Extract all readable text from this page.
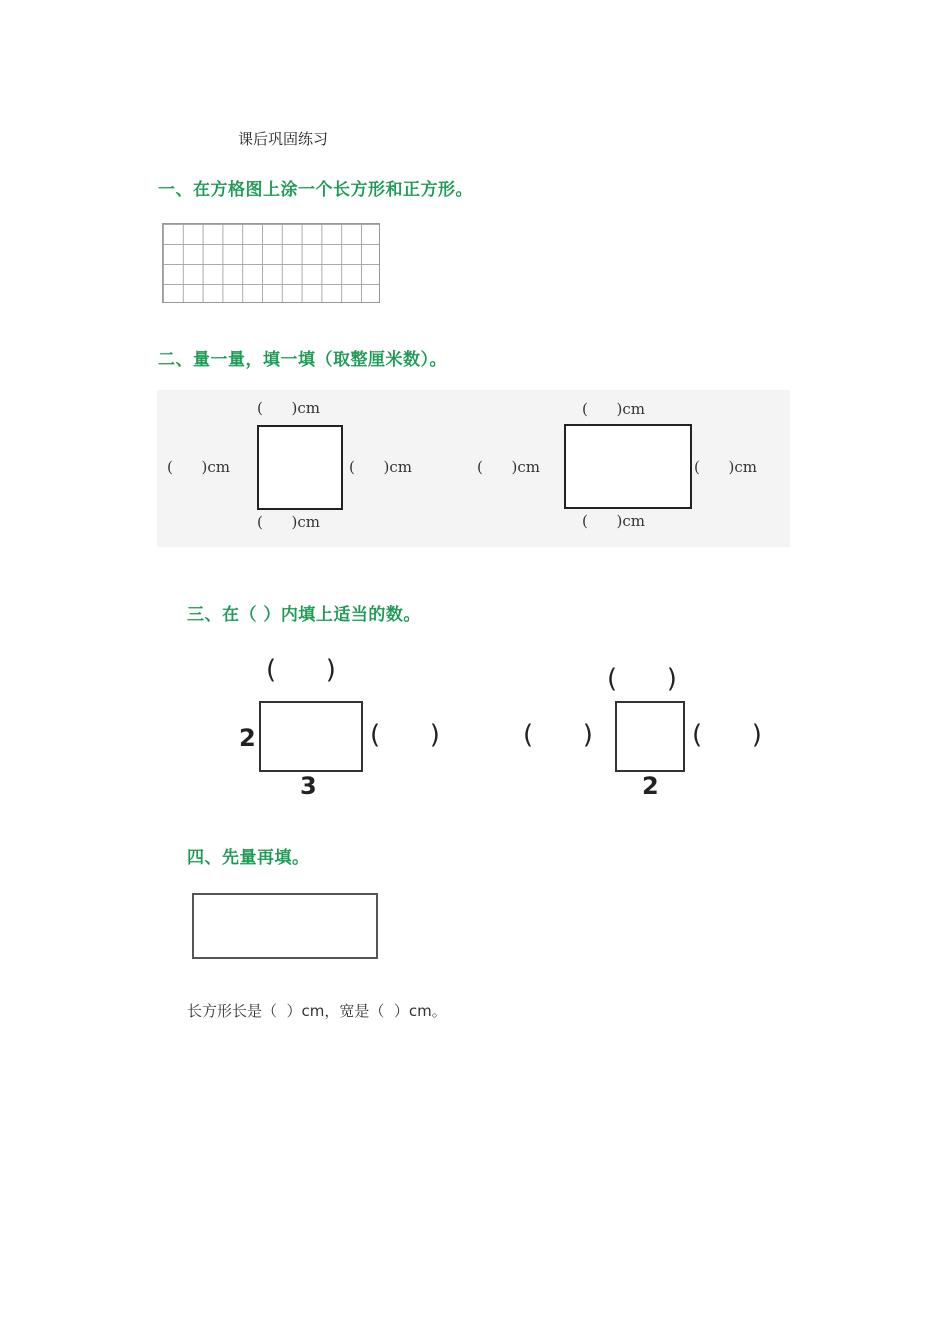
课后巩固练习
一、在方格图上涂一个长方形和正方形。
二、量一量，填一填（取整厘米数）。
(      )cm
(      )cm	(      )cm
(      )cm
(      )cm
(      )cm
(      )cm
(      )cm
三、在（ ）内填上适当的数。
(      )
2	(      )
3
(      )
(      )
(      )
2
四、先量再填。
长方形长是（  ）cm，宽是（  ）cm。
